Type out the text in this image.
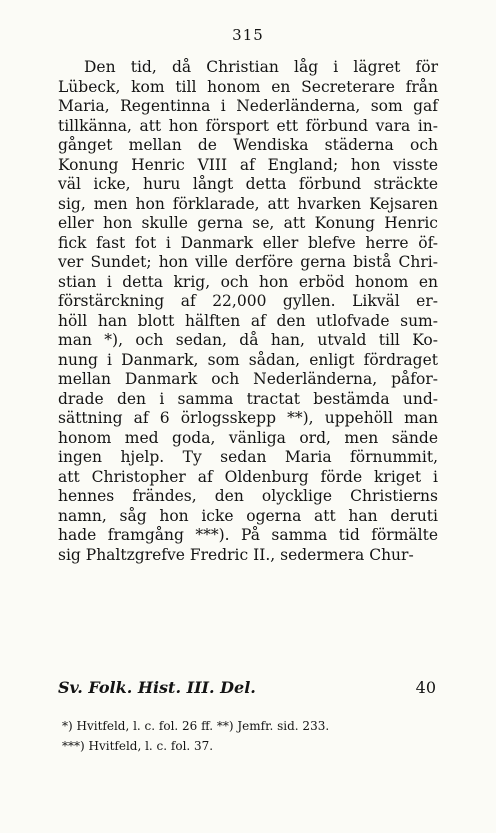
315
Den tid, då Christian låg i lägret för
Lübeck, kom till honom en Secreterare från
Maria, Regentinna i Nederländerna, som gaf
tillkänna, att hon försport ett förbund vara in-
gånget mellan de Wendiska städerna och
Konung Henric VIII af England; hon visste
väl icke, huru långt detta förbund sträckte
sig, men hon förklarade, att hvarken Kejsaren
eller hon skulle gerna se, att Konung Henric
fick fast fot i Danmark eller blefve herre öf-
ver Sundet; hon ville derföre gerna bistå Chri-
stian i detta krig, och hon erböd honom en
förstärckning af 22,000 gyllen. Likväl er-
höll han blott hälften af den utlofvade sum-
man *), och sedan, då han, utvald till Ko-
nung i Danmark, som sådan, enligt fördraget
mellan Danmark och Nederländerna, påfor-
drade den i samma tractat bestämda und-
sättning af 6 örlogsskepp **), uppehöll man
honom med goda, vänliga ord, men sände
ingen hjelp. Ty sedan Maria förnummit,
att Christopher af Oldenburg förde kriget i
hennes frändes, den olycklige Christierns
namn, såg hon icke ogerna att han deruti
hade framgång ***). På samma tid förmälte
sig Phaltzgrefve Fredric II., sedermera Chur-
Sv. Folk. Hist. III. Del.	40
*) Hvitfeld, l. c. fol. 26 ff. **) Jemfr. sid. 233.
***) Hvitfeld, l. c. fol. 37.
